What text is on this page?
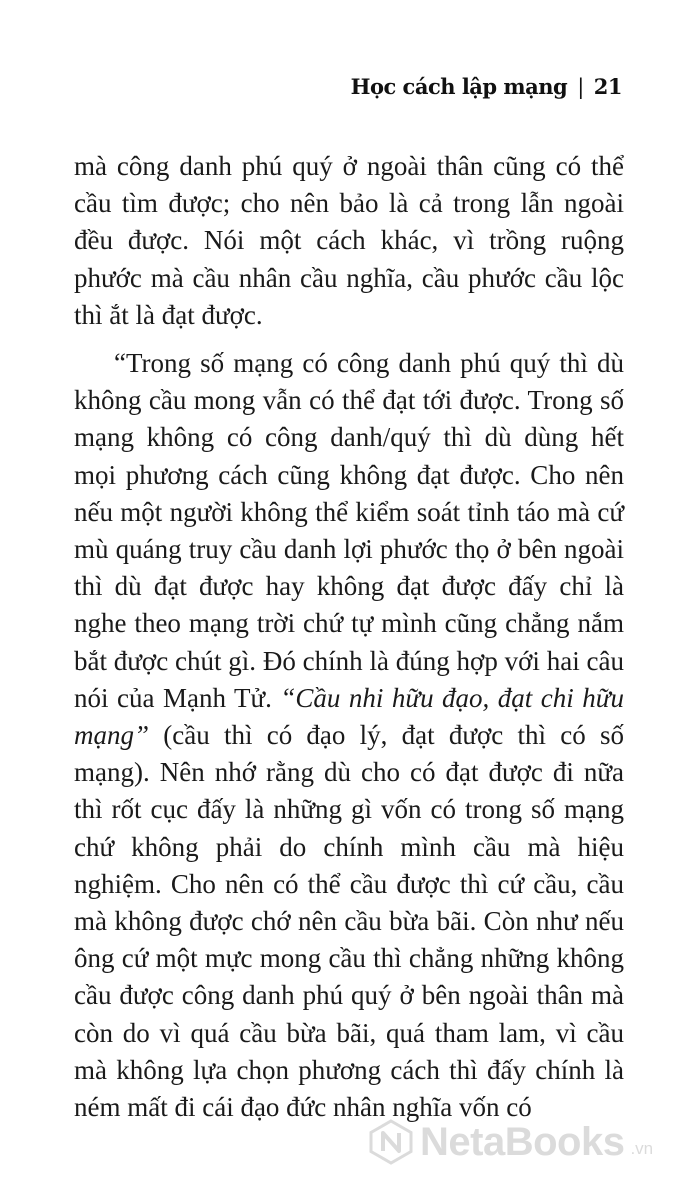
Học cách lập mạng | 21

mà công danh phú quý ở ngoài thân cũng có thể cầu tìm được; cho nên bảo là cả trong lẫn ngoài đều được. Nói một cách khác, vì trồng ruộng phước mà cầu nhân cầu nghĩa, cầu phước cầu lộc thì ắt là đạt được.

“Trong số mạng có công danh phú quý thì dù không cầu mong vẫn có thể đạt tới được. Trong số mạng không có công danh/quý thì dù dùng hết mọi phương cách cũng không đạt được. Cho nên nếu một người không thể kiểm soát tỉnh táo mà cứ mù quáng truy cầu danh lợi phước thọ ở bên ngoài thì dù đạt được hay không đạt được đấy chỉ là nghe theo mạng trời chứ tự mình cũng chẳng nắm bắt được chút gì. Đó chính là đúng hợp với hai câu nói của Mạnh Tử. “Cầu nhi hữu đạo, đạt chi hữu mạng” (cầu thì có đạo lý, đạt được thì có số mạng). Nên nhớ rằng dù cho có đạt được đi nữa thì rốt cục đấy là những gì vốn có trong số mạng chứ không phải do chính mình cầu mà hiệu nghiệm. Cho nên có thể cầu được thì cứ cầu, cầu mà không được chớ nên cầu bừa bãi. Còn như nếu ông cứ một mực mong cầu thì chẳng những không cầu được công danh phú quý ở bên ngoài thân mà còn do vì quá cầu bừa bãi, quá tham lam, vì cầu mà không lựa chọn phương cách thì đấy chính là ném mất đi cái đạo đức nhân nghĩa vốn có

NetaBooks .vn
